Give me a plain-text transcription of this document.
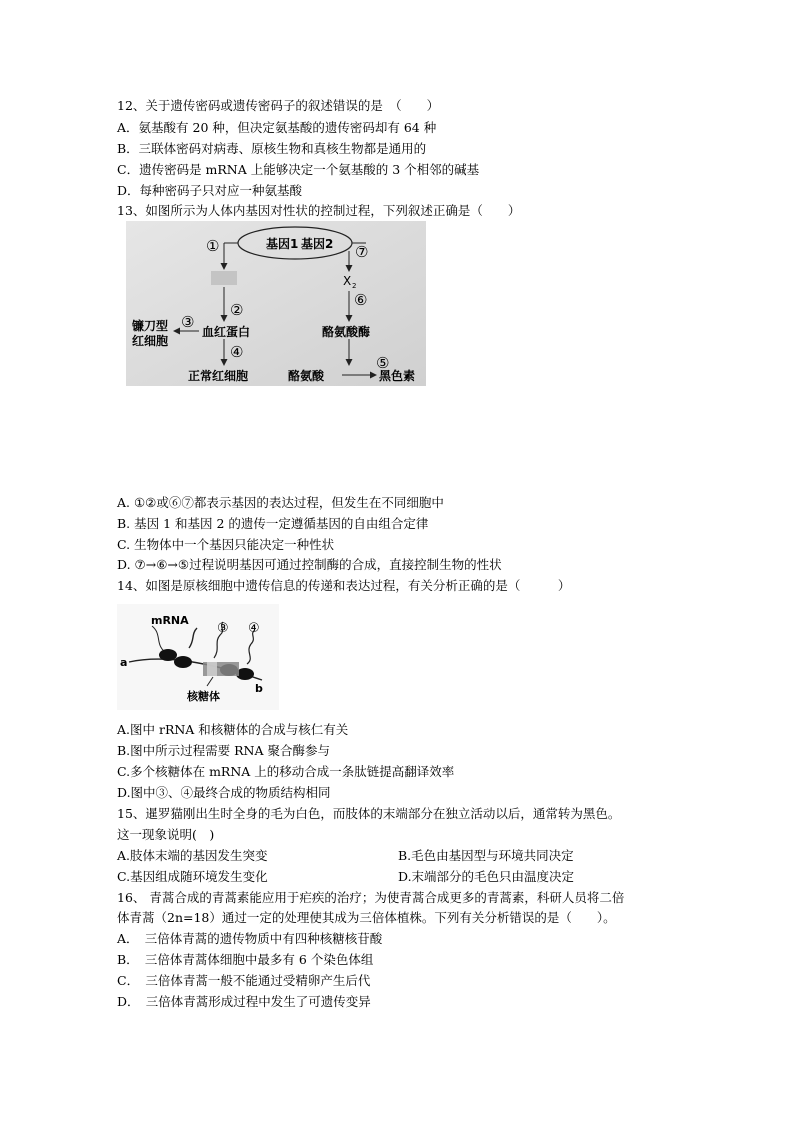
12、关于遗传密码或遗传密码子的叙述错误的是　（　　）
A．氨基酸有 20 种，但决定氨基酸的遗传密码却有 64 种
B．三联体密码对病毒、原核生物和真核生物都是通用的
C．遗传密码是 mRNA 上能够决定一个氨基酸的 3 个相邻的碱基
D．每种密码子只对应一种氨基酸
13、如图所示为人体内基因对性状的控制过程，下列叙述正确是（　　）
基因1 基因2
①	⑦
X 2
②
⑥
③
镰刀型
红细胞
血红蛋白	酪氨酸酶
④
⑤
正常红细胞	酪氨酸	黑色素
A. ①②或⑥⑦都表示基因的表达过程，但发生在不同细胞中
B. 基因 1 和基因 2 的遗传一定遵循基因的自由组合定律
C. 生物体中一个基因只能决定一种性状
D. ⑦→⑥→⑤过程说明基因可通过控制酶的合成，直接控制生物的性状
14、如图是原核细胞中遗传信息的传递和表达过程，有关分析正确的是（　　　）
mRNA
③ ④
a
b
核糖体
A.图中 rRNA 和核糖体的合成与核仁有关
B.图中所示过程需要 RNA 聚合酶参与
C.多个核糖体在 mRNA 上的移动合成一条肽链提高翻译效率
D.图中③、④最终合成的物质结构相同
15、暹罗猫刚出生时全身的毛为白色，而肢体的末端部分在独立活动以后，通常转为黑色。
这一现象说明(　)
A.肢体末端的基因发生突变	B.毛色由基因型与环境共同决定
C.基因组成随环境发生变化	D.末端部分的毛色只由温度决定
16、 青蒿合成的青蒿素能应用于疟疾的治疗；为使青蒿合成更多的青蒿素，科研人员将二倍
体青蒿（2n=18）通过一定的处理使其成为三倍体植株。下列有关分析错误的是（　　）。
A．　三倍体青蒿的遗传物质中有四种核糖核苷酸
B．　三倍体青蒿体细胞中最多有 6 个染色体组
C．　三倍体青蒿一般不能通过受精卵产生后代
D．　三倍体青蒿形成过程中发生了可遗传变异
